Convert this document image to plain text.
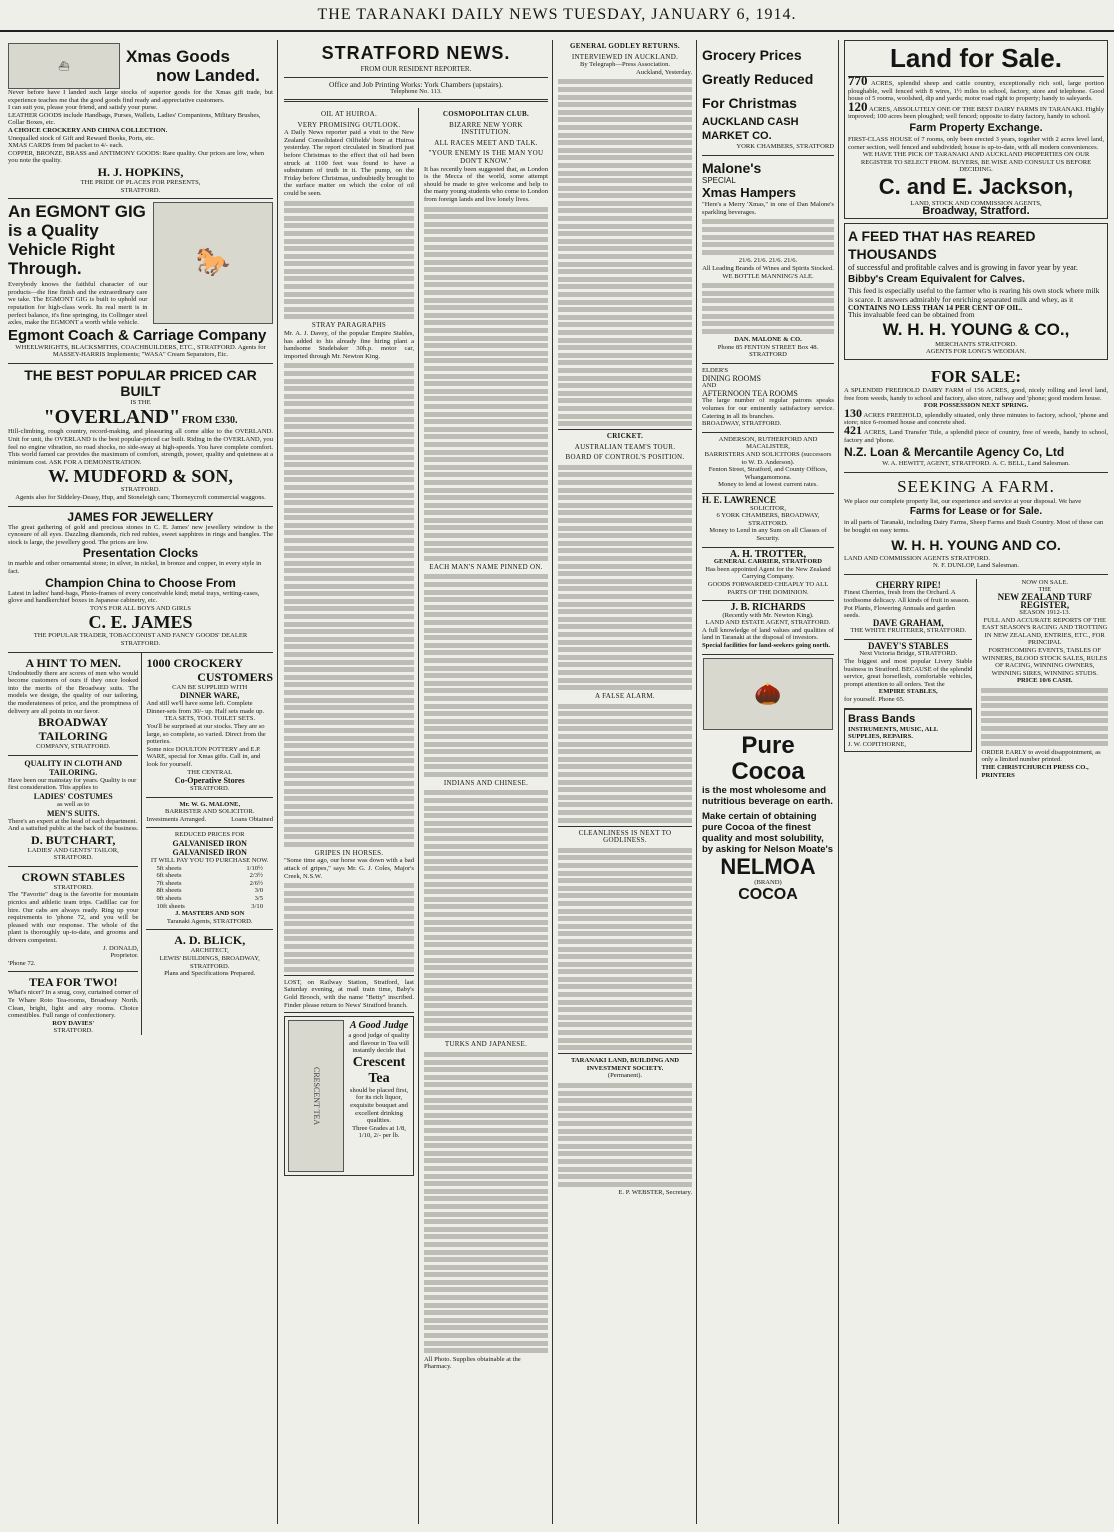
THE TARANAKI DAILY NEWS TUESDAY, JANUARY 6, 1914.
⛴	Xmas Goods
now Landed.
Never before have I landed such large stocks of superior goods for the Xmas gift trade, but experience teaches me that the good goods find ready and appreciative customers.
I can suit you, please your friend, and satisfy your purse.
LEATHER GOODS include Handbags, Purses, Wallets, Ladies' Companions, Military Brushes, Collar Boxes, etc.
A CHOICE CROCKERY AND CHINA COLLECTION.
Unequalled stock of Gift and Reward Books, Ports, etc.
XMAS CARDS from 9d packet to 4/- each.
COPPER, BRONZE, BRASS and ANTIMONY GOODS: Rare quality. Our prices are low, when you note the quality.
H. J. HOPKINS,
THE PRIDE OF PLACES FOR PRESENTS,
STRATFORD.
An EGMONT GIG is a Quality Vehicle Right Through.
Everybody knows the faithful character of our products—the fine finish and the extraordinary care we take. The EGMONT GIG is built to uphold our reputation for high-class work. Its real merit is in perfect balance, it's fine springing, its Collinger steel axles, make the EGMONT a worth while vehicle.
🐎
Egmont Coach & Carriage Company
WHEELWRIGHTS, BLACKSMITHS, COACHBUILDERS, ETC., STRATFORD. Agents for MASSEY-HARRIS Implements; "WASA" Cream Separators, Etc.
THE BEST POPULAR PRICED CAR BUILT
IS THE
"OVERLAND" FROM £330.
Hill-climbing, rough country, record-making, and pleasuring all come alike to the OVERLAND. Unit for unit, the OVERLAND is the best popular-priced car built. Riding in the OVERLAND, you feel no engine vibration, no road shocks, no side-sway at high-speeds. You have complete comfort. This world famed car provides the maximum of comfort, strength, power, quality and quietness at a minimum cost. ASK FOR A DEMONSTRATION.
W. MUDFORD & SON,
STRATFORD.
Agents also for Siddeley-Deasy, Hup, and Stoneleigh cars; Thorneycroft commercial waggons.
JAMES FOR JEWELLERY
The great gathering of gold and precious stones in C. E. James' new jewellery window is the cynosure of all eyes. Dazzling diamonds, rich red rubies, sweet sapphires in rings and bangles. The stock is large, the jewellery good. The prices are low.
Presentation Clocks
in marble and other ornamental stone; in silver, in nickel, in bronze and copper, in every style in fact.
Champion China to Choose From
Latest in ladies' hand-bags, Photo-frames of every conceivable kind; metal trays, writing-cases, glove and handkerchief boxes in Japanese cabinetry, etc.
TOYS FOR ALL BOYS AND GIRLS
C. E. JAMES
THE POPULAR TRADER, TOBACCONIST AND FANCY GOODS' DEALER
STRATFORD.
A HINT TO MEN.
Undoubtedly there are scores of men who would become customers of ours if they once looked into the merits of the Broadway suits. The models we design, the quality of our tailoring, the moderateness of price, and the promptness of delivery are all points in our favor.
BROADWAY
TAILORING
COMPANY, STRATFORD.
QUALITY IN CLOTH AND TAILORING.
Have been our mainstay for years. Quality is our first consideration. This applies to
LADIES' COSTUMES
as well as to
MEN'S SUITS.
There's an expert at the head of each department. And a satisfied public at the back of the business.
D. BUTCHART,
LADIES' AND GENTS' TAILOR, STRATFORD.
CROWN STABLES
STRATFORD.
The "Favorite" drag is the favorite for mountain picnics and athletic team trips. Cadillac car for hire. Our cabs are always ready. Ring up your requirements to 'phone 72, and you will be pleased with our response. The whole of the plant is thoroughly up-to-date, and grooms and drivers competent.
J. DONALD,
Proprietor.
'Phone 72.
TEA FOR TWO!
What's nicer? In a snug, cosy, curtained corner of Te Whare Roto Tea-rooms, Broadway North. Clean, bright, light and airy rooms. Choice comestibles. Full range of confectionery.
ROY DAVIES'
STRATFORD.
1000 CROCKERY
CUSTOMERS
CAN BE SUPPLIED WITH
DINNER WARE,
And still we'll have some left. Complete Dinner-sets from 30/- up. Half sets made up.
TEA SETS, TOO. TOILET SETS.
You'll be surprised at our stocks. They are so large, so complete, so varied. Direct from the potteries.
Some nice DOULTON POTTERY and E.P. WARE, special for Xmas gifts. Call in, and look for yourself.
THE CENTRAL
Co-Operative Stores
STRATFORD.
Mr. W. G. MALONE,
BARRISTER AND SOLICITOR.
Investments Arranged.	Loans Obtained
REDUCED PRICES FOR
GALVANISED IRON
GALVANISED IRON
IT WILL PAY YOU TO PURCHASE NOW.
5ft sheets	1/10½
6ft sheets	2/3½
7ft sheets	2/6½
8ft sheets	3/0
9ft sheets	3/5
10ft sheets	3/10
J. MASTERS AND SON
Taranaki Agents, STRATFORD.
A. D. BLICK,
ARCHITECT,
LEWIS' BUILDINGS, BROADWAY, STRATFORD.
Plans and Specifications Prepared.
STRATFORD NEWS.
FROM OUR RESIDENT REPORTER.
Office and Job Printing Works: York Chambers (upstairs).
Telephone No. 113.
OIL AT HUIROA.
VERY PROMISING OUTLOOK.
A Daily News reporter paid a visit to the New Zealand Consolidated Oilfields' bore at Huiroa yesterday. The report circulated in Stratford just before Christmas to the effect that oil had been struck at 1100 feet was found to have a substratum of truth in it. The pump, on the Friday before Christmas, undoubtedly brought to the surface matter on which the color of oil could be seen.
STRAY PARAGRAPHS
Mr. A. J. Davey, of the popular Empire Stables, has added to his already fine hiring plant a handsome Studebaker 30h.p. motor car, imported through Mr. Newton King.
GRIPES IN HORSES.
"Some time ago, our horse was down with a bad attack of gripes," says Mr. G. J. Coles, Major's Creek, N.S.W.
LOST, on Railway Station, Stratford, last Saturday evening, at mail train time, Baby's Gold Brooch, with the name "Betty" inscribed. Finder please return to News' Stratford branch.
CRESCENT TEA
A Good Judge
a good judge of quality and flavour in Tea will instantly decide that
Crescent Tea
should be placed first, for its rich liquor, exquisite bouquet and excellent drinking qualities.
Three Grades at 1/8, 1/10, 2/- per lb.
COSMOPOLITAN CLUB.
BIZARRE NEW YORK INSTITUTION.
ALL RACES MEET AND TALK.
"YOUR ENEMY IS THE MAN YOU DON'T KNOW."
It has recently been suggested that, as London is the Mecca of the world, some attempt should be made to give welcome and help to the many young students who come to London from foreign lands and live lonely lives.
EACH MAN'S NAME PINNED ON.
INDIANS AND CHINESE.
TURKS AND JAPANESE.
All Photo. Supplies obtainable at the Pharmacy.
GENERAL GODLEY RETURNS.
INTERVIEWED IN AUCKLAND.
By Telegraph—Press Association.
Auckland, Yesterday.
CRICKET.
AUSTRALIAN TEAM'S TOUR.
BOARD OF CONTROL'S POSITION.
A FALSE ALARM.
CLEANLINESS IS NEXT TO GODLINESS.
TARANAKI LAND, BUILDING AND INVESTMENT SOCIETY.
(Permanent).
E. P. WEBSTER, Secretary.
Grocery Prices
Greatly Reduced
For Christmas
AUCKLAND CASH
MARKET CO.
YORK CHAMBERS, STRATFORD
Malone's
SPECIAL
Xmas Hampers
"Here's a Merry 'Xmas," in one of Dan Malone's sparkling beverages.
21/6. 21/6. 21/6. 21/6.
All Leading Brands of Wines and Spirits Stocked.
WE BOTTLE MANNING'S ALE.
DAN. MALONE & CO.
Phone 85 FENTON STREET Box 48. STRATFORD
ELDER'S
DINING ROOMS
AND
AFTERNOON TEA ROOMS
The large number of regular patrons speaks volumes for our eminently satisfactory service. Catering in all its branches.
BROADWAY, STRATFORD.
ANDERSON, RUTHERFORD AND MACALISTER,
BARRISTERS AND SOLICITORS (successors to W. D. Anderson).
Fenton Street, Stratford, and County Offices, Whangamomona.
Money to lend at lowest current rates.
H. E. LAWRENCE
SOLICITOR,
6 YORK CHAMBERS, BROADWAY, STRATFORD.
Money to Lend in any Sum on all Classes of Security.
A. H. TROTTER,
GENERAL CARRIER, STRATFORD
Has been appointed Agent for the New Zealand Carrying Company.
GOODS FORWARDED CHEAPLY TO ALL PARTS OF THE DOMINION.
J. B. RICHARDS
(Recently with Mr. Newton King).
LAND AND ESTATE AGENT, STRATFORD.
A full knowledge of land values and qualities of land in Taranaki at the disposal of investors.
Special facilities for land-seekers going north.
🌰
Pure Cocoa
is the most wholesome and nutritious beverage on earth.
Make certain of obtaining pure Cocoa of the finest quality and most solubility, by asking for Nelson Moate's
NELMOA
(BRAND)
COCOA
Land for Sale.
770 ACRES, splendid sheep and cattle country, exceptionally rich soil, large portion ploughable, well fenced with 8 wires, 1½ miles to school, factory, store and telephone. Good house of 5 rooms, woolshed, dip and yards; motor road right to property; handy to saleyards.
120 ACRES, ABSOLUTELY ONE OF THE BEST DAIRY FARMS IN TARANAKI. Highly improved; 100 acres been ploughed; well fenced; opposite to dairy factory, handy to school.
Farm Property Exchange.
FIRST-CLASS HOUSE of 7 rooms, only been erected 3 years, together with 2 acres level land, corner section, well fenced and subdivided; house is up-to-date, with all modern conveniences.
WE HAVE THE PICK OF TARANAKI AND AUCKLAND PROPERTIES ON OUR REGISTER TO SELECT FROM. BUYERS, BE WISE AND CONSULT US BEFORE DECIDING.
C. and E. Jackson,
LAND, STOCK AND COMMISSION AGENTS,
Broadway, Stratford.
A FEED THAT HAS REARED
THOUSANDS
of successful and profitable calves and is growing in favor year by year.
Bibby's Cream Equivalent for Calves.
This feed is especially useful to the farmer who is rearing his own stock where milk is scarce. It answers admirably for enriching separated milk and whey, as it
CONTAINS NO LESS THAN 14 PER CENT OF OIL.
This invaluable feed can be obtained from
W. H. H. YOUNG & CO.,
MERCHANTS STRATFORD.
AGENTS FOR LONG'S WEODIAN.
FOR SALE:
A SPLENDID FREEHOLD DAIRY FARM of 156 ACRES, good, nicely rolling and level land, free from weeds, handy to school and factory, also store, railway and 'phone; good modern house.
FOR POSSESSION NEXT SPRING.
130 ACRES FREEHOLD, splendidly situated, only three minutes to factory, school, 'phone and store; nice 6-roomed house and concrete shed.
421 ACRES, Land Transfer Title, a splendid piece of country, free of weeds, handy to school, factory and 'phone.
N.Z. Loan & Mercantile Agency Co, Ltd
W. A. HEWITT, AGENT, STRATFORD. A. C. BELL, Land Salesman.
SEEKING A FARM.
We place our complete property list, our experience and service at your disposal. We have
Farms for Lease or for Sale.
in all parts of Taranaki, including Dairy Farms, Sheep Farms and Bush Country. Most of these can be bought on easy terms.
W. H. H. YOUNG AND CO.
LAND AND COMMISSION AGENTS STRATFORD.
N. F. DUNLOP, Land Salesman.
CHERRY RIPE!
Finest Cherries, fresh from the Orchard. A toothsome delicacy. All kinds of fruit in season. Pot Plants, Flowering Annuals and garden seeds.
DAVE GRAHAM,
THE WHITE FRUITERER, STRATFORD.
DAVEY'S STABLES
Next Victoria Bridge, STRATFORD.
The biggest and most popular Livery Stable business in Stratford. BECAUSE of the splendid service, great horseflesh, comfortable vehicles, prompt attention to all orders. Test the
EMPIRE STABLES,
for yourself. Phone 65.
Brass Bands
INSTRUMENTS, MUSIC, ALL SUPPLIES, REPAIRS.
J. W. COPITHORNE,
NOW ON SALE.
THE
NEW ZEALAND TURF
REGISTER,
SEASON 1912-13.
FULL AND ACCURATE REPORTS OF THE EAST SEASON'S RACING AND TROTTING IN NEW ZEALAND, ENTRIES, ETC., FOR PRINCIPAL
FORTHCOMING EVENTS, TABLES OF WINNERS, BLOOD STOCK SALES, RULES OF RACING, WINNING OWNERS, WINNING SIRES, WINNING STUDS.
PRICE 10/6 CASH.
ORDER EARLY to avoid disappointment, as only a limited number printed.
THE CHRISTCHURCH PRESS CO., PRINTERS
